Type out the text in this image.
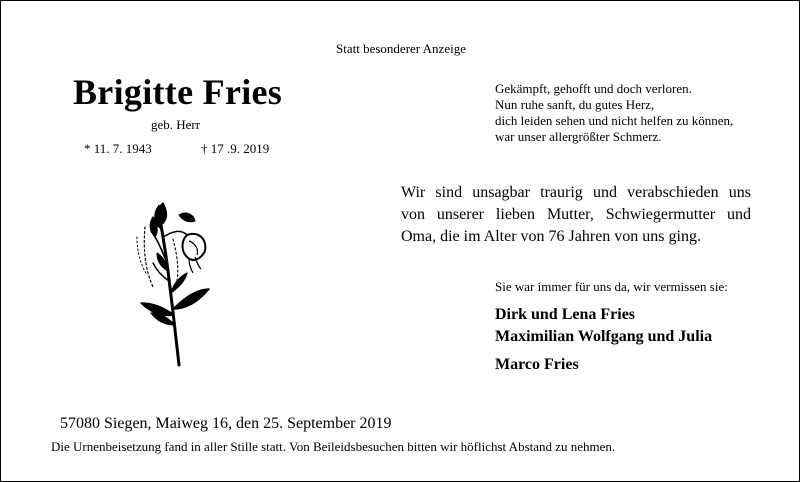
Statt besonderer Anzeige
Brigitte Fries
geb. Herr
* 11. 7. 1943	† 17 .9. 2019
Gekämpft, gehofft und doch verloren.
Nun ruhe sanft, du gutes Herz,
dich leiden sehen und nicht helfen zu können,
war unser allergrößter Schmerz.
Wir sind unsagbar traurig und verabschieden uns
von unserer lieben Mutter, Schwiegermutter und
Oma, die im Alter von 76 Jahren von uns ging.
Sie war immer für uns da, wir vermissen sie:
Dirk und Lena Fries
Maximilian Wolfgang und Julia
Marco Fries
57080 Siegen, Maiweg 16, den 25. September 2019
Die Urnenbeisetzung fand in aller Stille statt. Von Beileidsbesuchen bitten wir höflichst Abstand zu nehmen.
